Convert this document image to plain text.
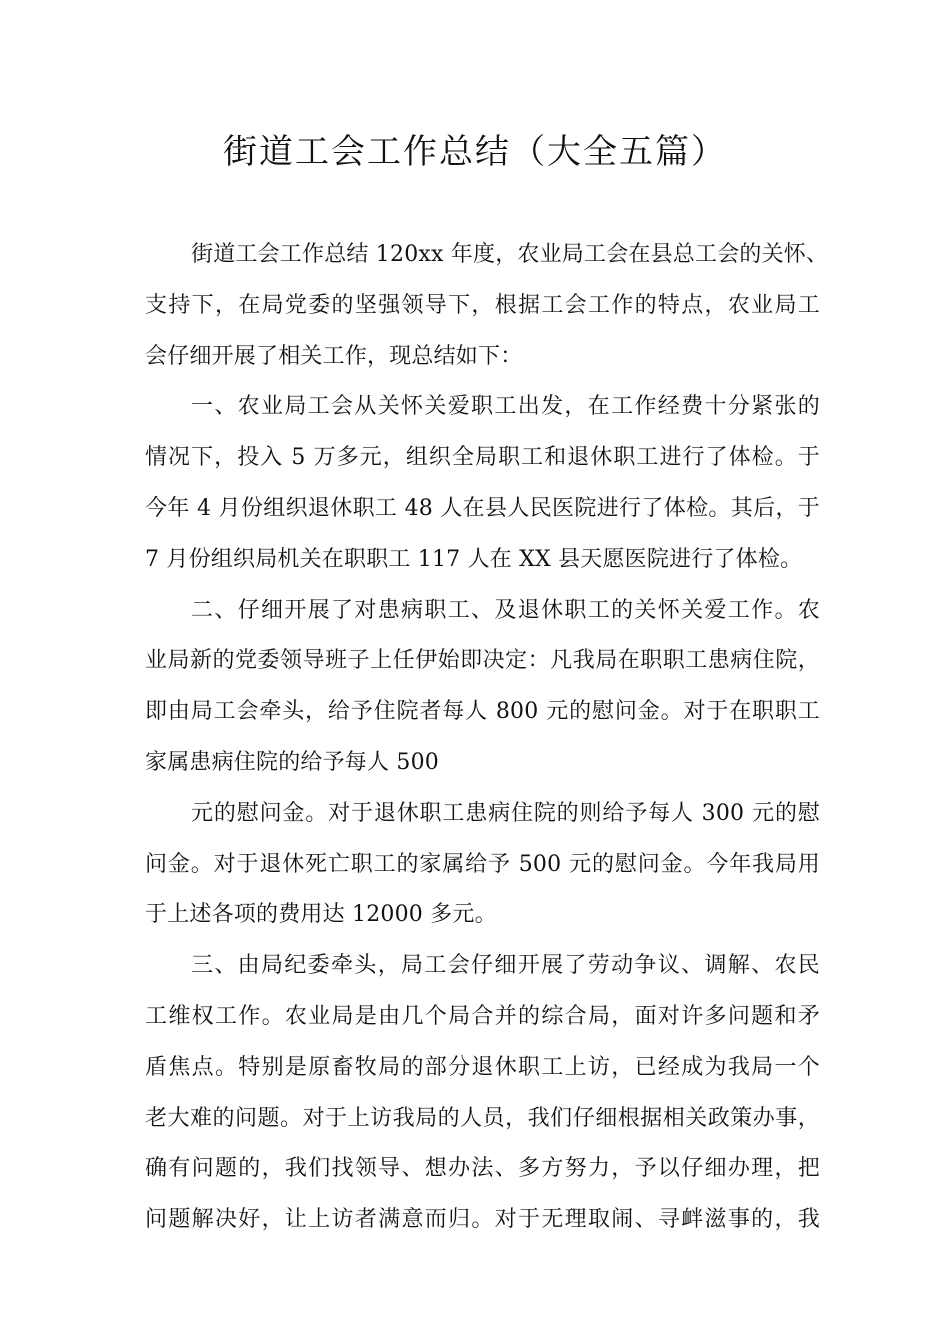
街道工会工作总结（大全五篇）
街道工会工作总结 120xx 年度，农业局工会在县总工会的关怀、
支持下，在局党委的坚强领导下，根据工会工作的特点，农业局工
会仔细开展了相关工作，现总结如下：
一、农业局工会从关怀关爱职工出发，在工作经费十分紧张的
情况下，投入 5 万多元，组织全局职工和退休职工进行了体检。于
今年 4 月份组织退休职工 48 人在县人民医院进行了体检。其后，于
7 月份组织局机关在职职工 117 人在 XX 县天愿医院进行了体检。
二、仔细开展了对患病职工、及退休职工的关怀关爱工作。农
业局新的党委领导班子上任伊始即决定：凡我局在职职工患病住院，
即由局工会牵头，给予住院者每人 800 元的慰问金。对于在职职工
家属患病住院的给予每人 500
元的慰问金。对于退休职工患病住院的则给予每人 300 元的慰
问金。对于退休死亡职工的家属给予 500 元的慰问金。今年我局用
于上述各项的费用达 12000 多元。
三、由局纪委牵头，局工会仔细开展了劳动争议、调解、农民
工维权工作。农业局是由几个局合并的综合局，面对许多问题和矛
盾焦点。特别是原畜牧局的部分退休职工上访，已经成为我局一个
老大难的问题。对于上访我局的人员，我们仔细根据相关政策办事，
确有问题的，我们找领导、想办法、多方努力，予以仔细办理，把
问题解决好，让上访者满意而归。对于无理取闹、寻衅滋事的，我
